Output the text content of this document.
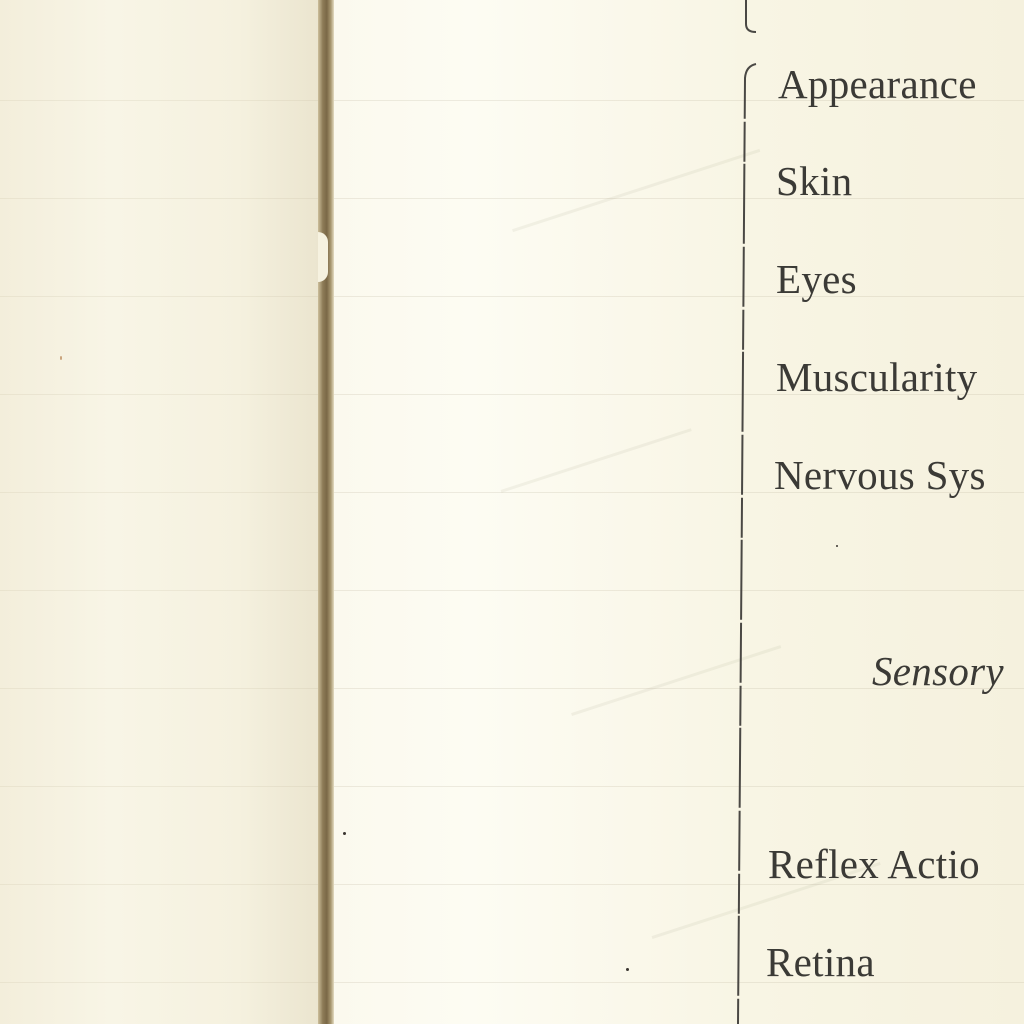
Appearance
Skin
Eyes
Muscularity
Nervous Sys
Sensory
Reflex Actio
Retina
